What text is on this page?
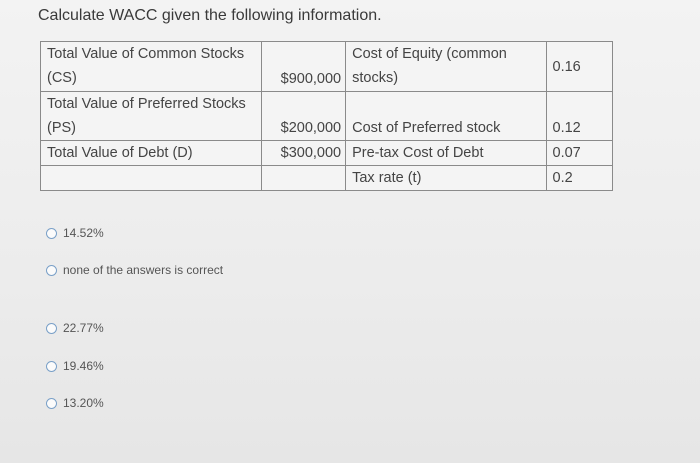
Calculate WACC given the following information.
Total Value of Common Stocks (CS)	$900,000	Cost of Equity (common stocks)	0.16
Total Value of Preferred Stocks (PS)	$200,000	Cost of Preferred stock	0.12
Total Value of Debt (D)	$300,000	Pre-tax Cost of Debt	0.07
		Tax rate (t)	0.2
14.52%
none of the answers is correct
22.77%
19.46%
13.20%
